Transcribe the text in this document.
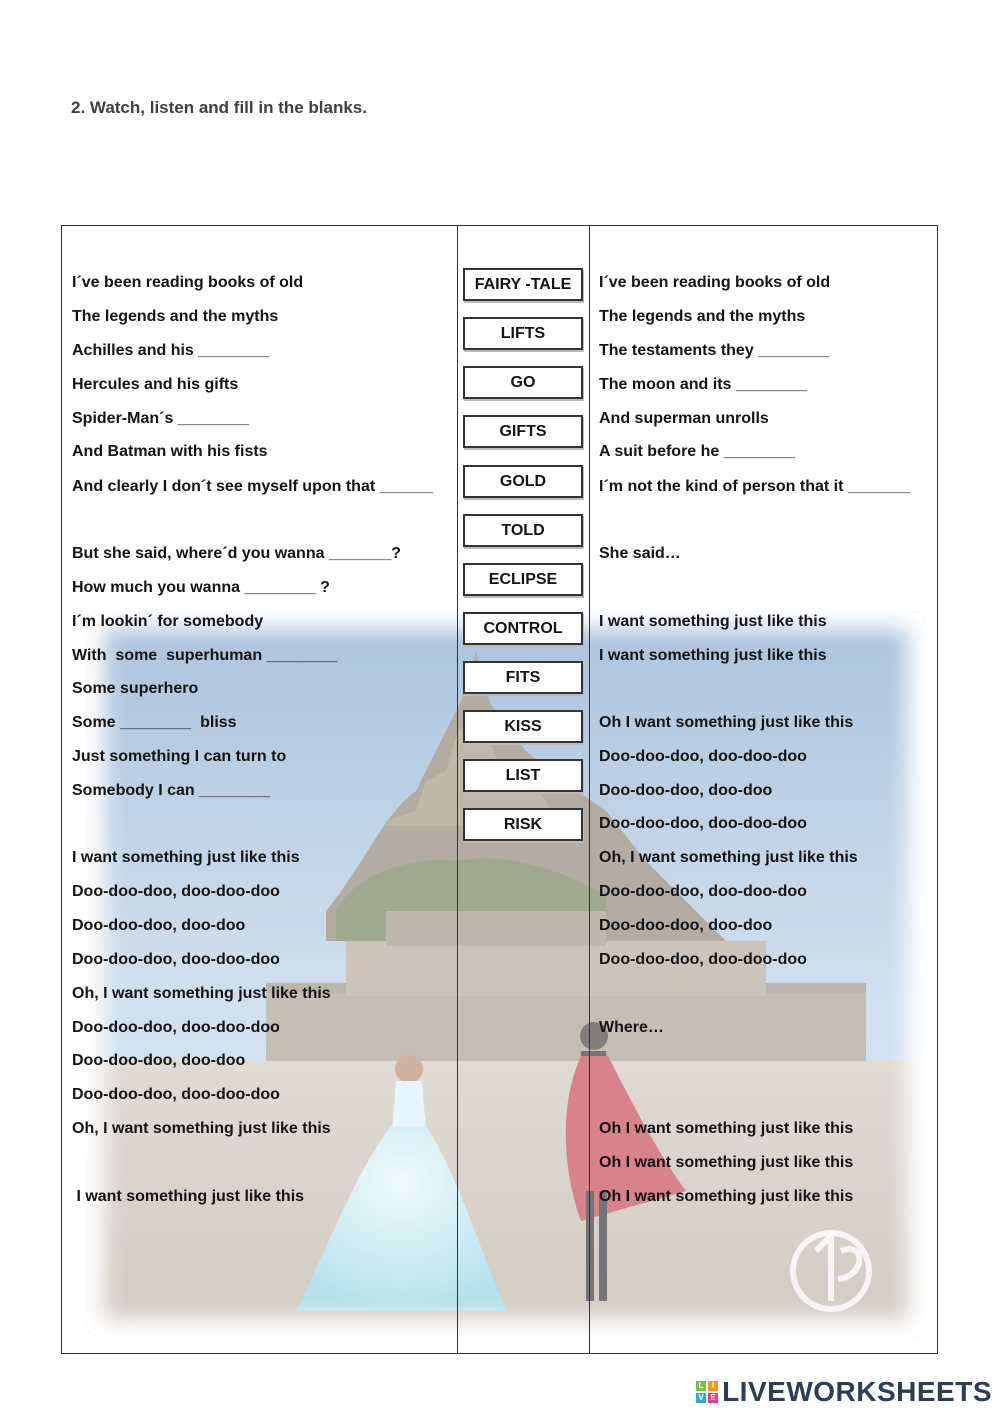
2. Watch, listen and fill in the blanks.
I´ve been reading books of old
The legends and the myths
Achilles and his ________
Hercules and his gifts
Spider-Man´s ________
And Batman with his fists
And clearly I don´t see myself upon that ______
But she said, where´d you wanna _______?
How much you wanna ________ ?
I´m lookin´ for somebody
With  some  superhuman ________
Some superhero
Some ________  bliss
Just something I can turn to
Somebody I can ________
I want something just like this
Doo-doo-doo, doo-doo-doo
Doo-doo-doo, doo-doo
Doo-doo-doo, doo-doo-doo
Oh, I want something just like this
Doo-doo-doo, doo-doo-doo
Doo-doo-doo, doo-doo
Doo-doo-doo, doo-doo-doo
Oh, I want something just like this
I want something just like this
FAIRY -TALE
LIFTS
GO
GIFTS
GOLD
TOLD
ECLIPSE
CONTROL
FITS
KISS
LIST
RISK
I´ve been reading books of old
The legends and the myths
The testaments they ________
The moon and its ________
And superman unrolls
A suit before he ________
I´m not the kind of person that it _______
She said…
I want something just like this
I want something just like this
Oh I want something just like this
Doo-doo-doo, doo-doo-doo
Doo-doo-doo, doo-doo
Doo-doo-doo, doo-doo-doo
Oh, I want something just like this
Doo-doo-doo, doo-doo-doo
Doo-doo-doo, doo-doo
Doo-doo-doo, doo-doo-doo
Where…
Oh I want something just like this
Oh I want something just like this
Oh I want something just like this
L	I
V E LIVEWORKSHEETS
